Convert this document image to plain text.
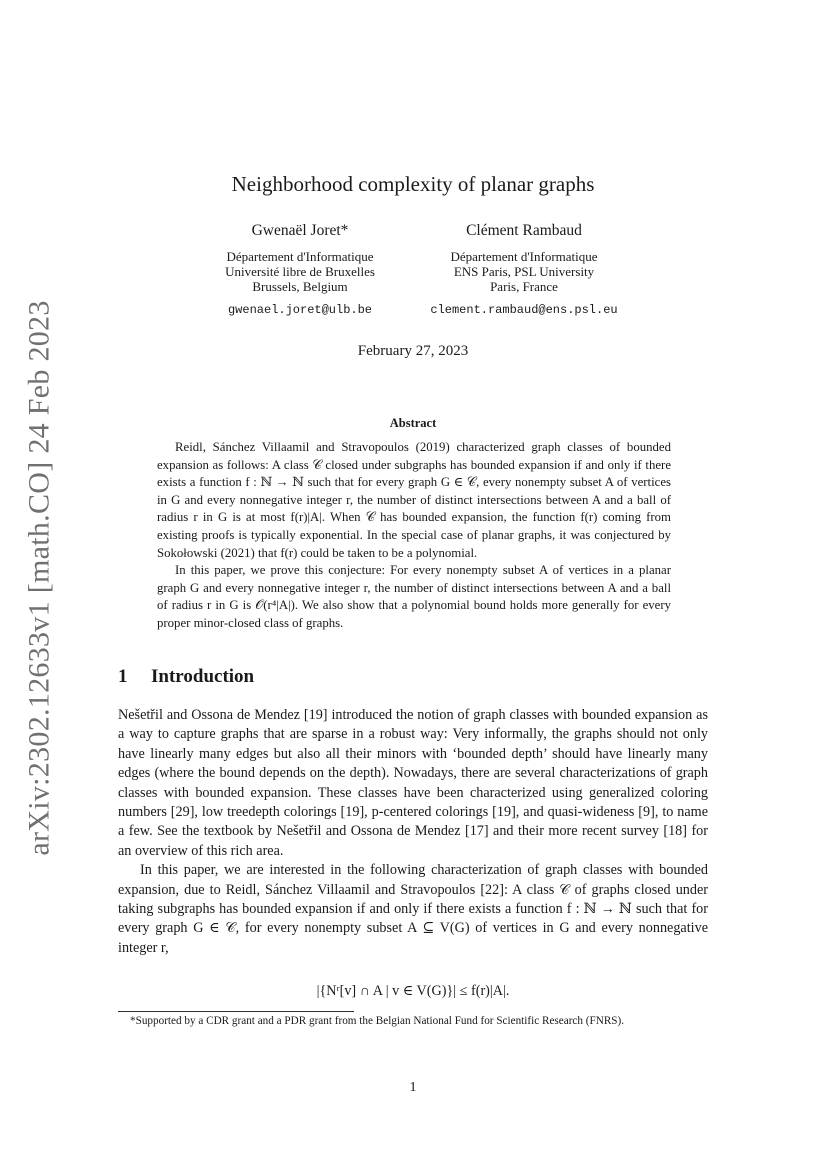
arXiv:2302.12633v1 [math.CO] 24 Feb 2023
Neighborhood complexity of planar graphs
Gwenaël Joret*
Département d'Informatique
Université libre de Bruxelles
Brussels, Belgium
gwenael.joret@ulb.be
Clément Rambaud
Département d'Informatique
ENS Paris, PSL University
Paris, France
clement.rambaud@ens.psl.eu
February 27, 2023
Abstract

Reidl, Sánchez Villaamil and Stravopoulos (2019) characterized graph classes of bounded expansion as follows: A class 𝒞 closed under subgraphs has bounded expansion if and only if there exists a function f : ℕ → ℕ such that for every graph G ∈ 𝒞, every nonempty subset A of vertices in G and every nonnegative integer r, the number of distinct intersections between A and a ball of radius r in G is at most f(r)|A|. When 𝒞 has bounded expansion, the function f(r) coming from existing proofs is typically exponential. In the special case of planar graphs, it was conjectured by Sokołowski (2021) that f(r) could be taken to be a polynomial.

In this paper, we prove this conjecture: For every nonempty subset A of vertices in a planar graph G and every nonnegative integer r, the number of distinct intersections between A and a ball of radius r in G is 𝒪(r⁴|A|). We also show that a polynomial bound holds more generally for every proper minor-closed class of graphs.

1 Introduction

Nešetřil and Ossona de Mendez [19] introduced the notion of graph classes with bounded expansion as a way to capture graphs that are sparse in a robust way: Very informally, the graphs should not only have linearly many edges but also all their minors with ‘bounded depth’ should have linearly many edges (where the bound depends on the depth). Nowadays, there are several characterizations of graph classes with bounded expansion. These classes have been characterized using generalized coloring numbers [29], low treedepth colorings [19], p-centered colorings [19], and quasi-wideness [9], to name a few. See the textbook by Nešetřil and Ossona de Mendez [17] and their more recent survey [18] for an overview of this rich area.

In this paper, we are interested in the following characterization of graph classes with bounded expansion, due to Reidl, Sánchez Villaamil and Stravopoulos [22]: A class 𝒞 of graphs closed under taking subgraphs has bounded expansion if and only if there exists a function f : ℕ → ℕ such that for every graph G ∈ 𝒞, for every nonempty subset A ⊆ V(G) of vertices in G and every nonnegative integer r,

|{Nʳ[v] ∩ A | v ∈ V(G)}| ≤ f(r)|A|.
*Supported by a CDR grant and a PDR grant from the Belgian National Fund for Scientific Research (FNRS).
1
